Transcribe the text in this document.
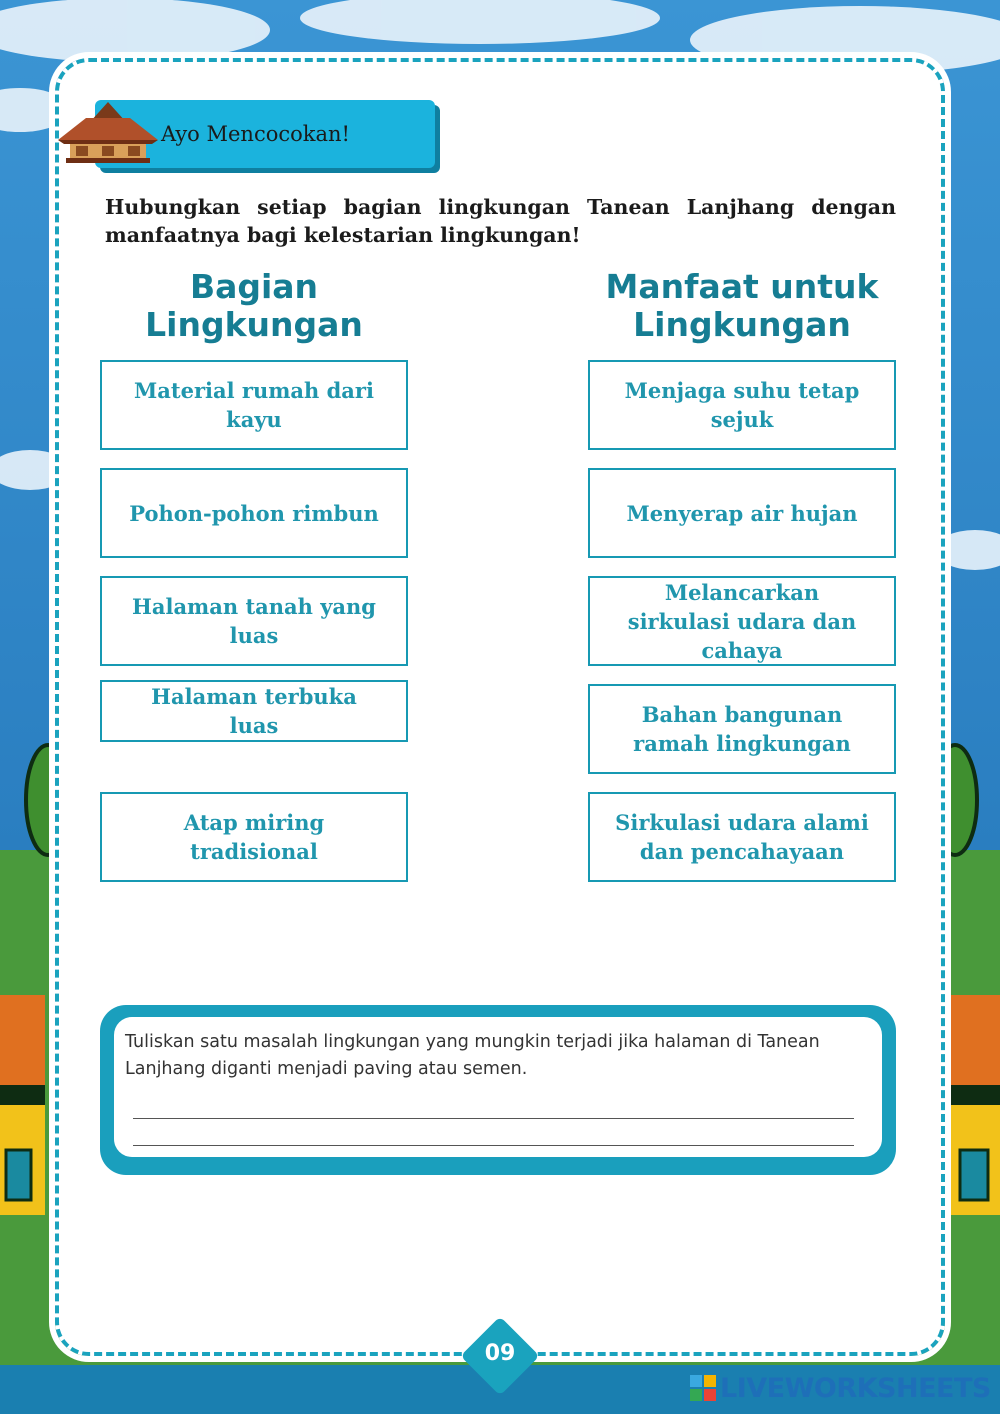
Ayo Mencocokan!

Hubungkan setiap bagian lingkungan Tanean Lanjhang dengan manfaatnya bagi kelestarian lingkungan!

Bagian Lingkungan
Manfaat untuk Lingkungan
Material rumah dari kayu
Pohon-pohon rimbun
Halaman tanah yang luas
Halaman terbuka luas
Atap miring tradisional
Menjaga suhu tetap sejuk
Menyerap air hujan
Melancarkan sirkulasi udara dan cahaya
Bahan bangunan ramah lingkungan
Sirkulasi udara alami dan pencahayaan

Tuliskan satu masalah lingkungan yang mungkin terjadi jika halaman di Tanean Lanjhang diganti menjadi paving atau semen.

09
LIVEWORKSHEETS
